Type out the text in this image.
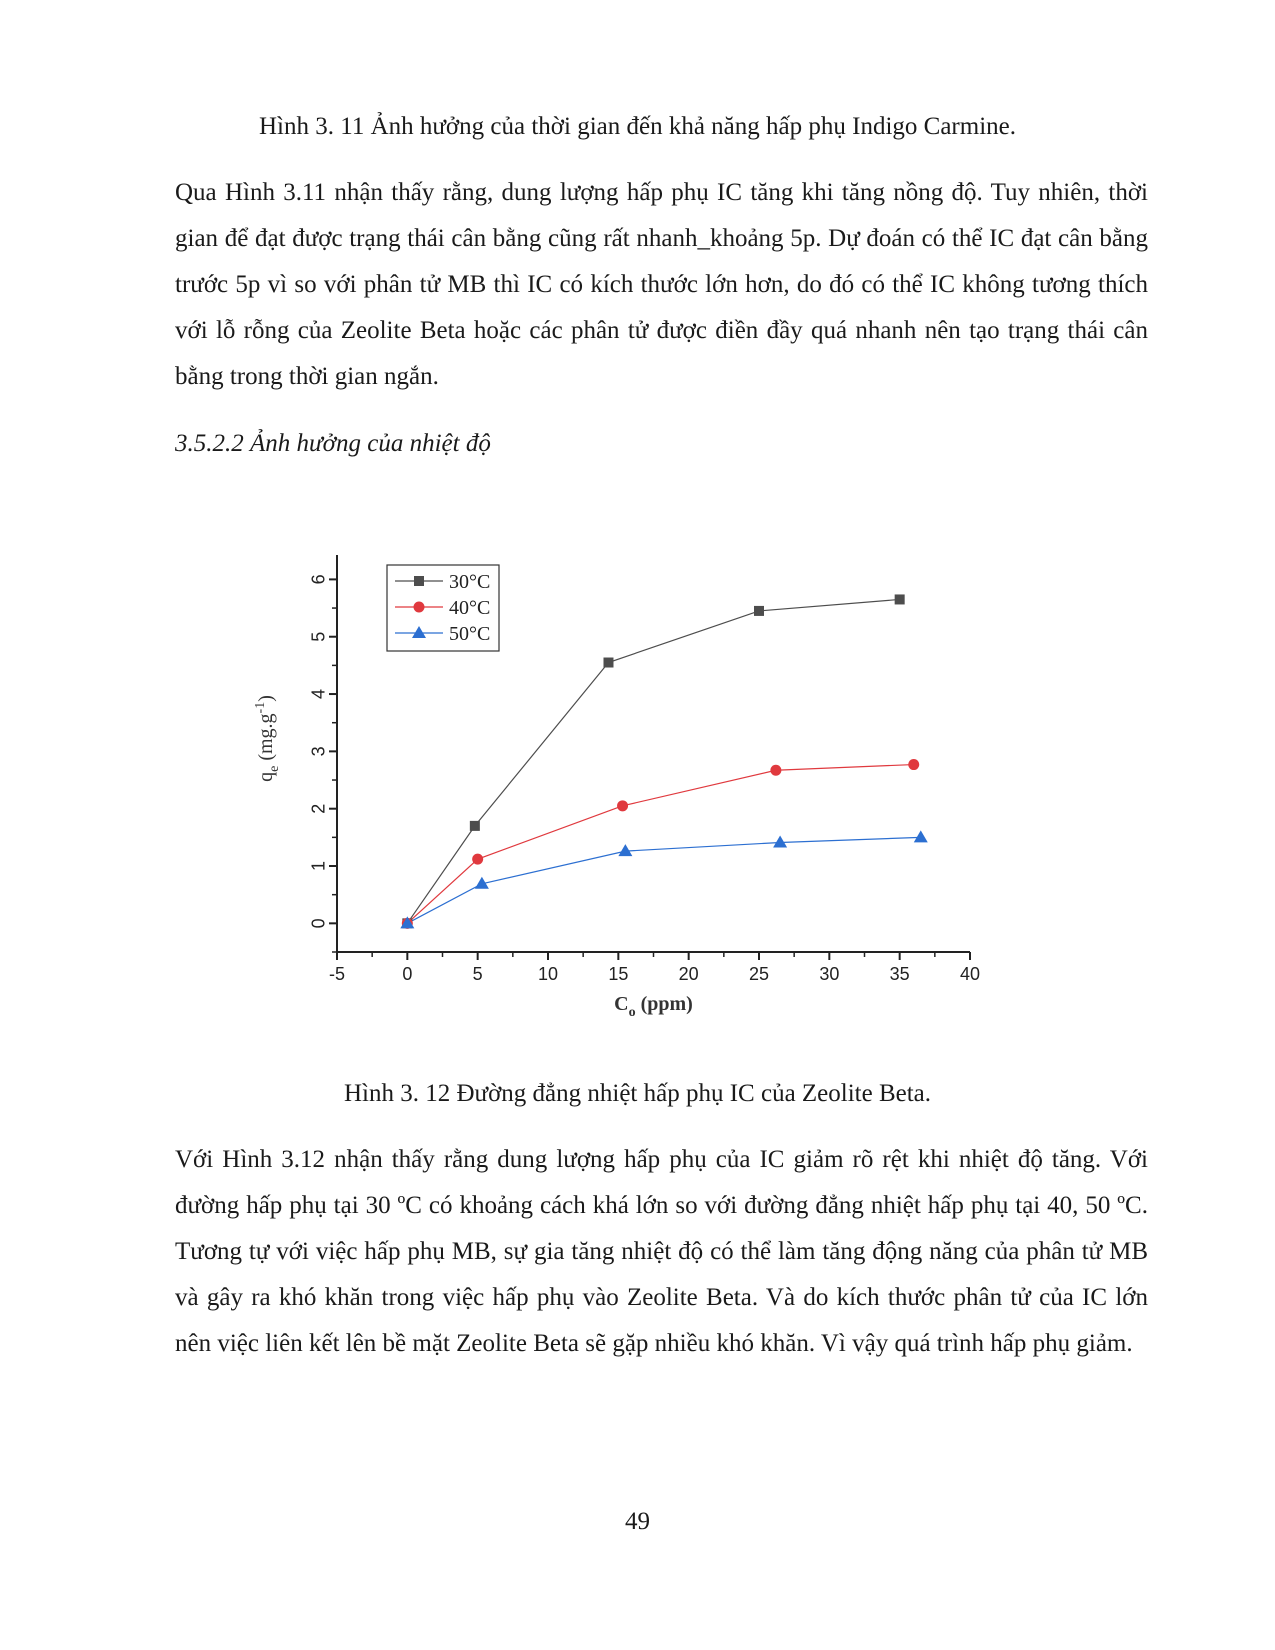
Hình 3. 11 Ảnh hưởng của thời gian đến khả năng hấp phụ Indigo Carmine.

Qua Hình 3.11 nhận thấy rằng, dung lượng hấp phụ IC tăng khi tăng nồng độ. Tuy nhiên, thời gian để đạt được trạng thái cân bằng cũng rất nhanh_khoảng 5p. Dự đoán có thể IC đạt cân bằng trước 5p vì so với phân tử MB thì IC có kích thước lớn hơn, do đó có thể IC không tương thích với lỗ rỗng của Zeolite Beta hoặc các phân tử được điền đầy quá nhanh nên tạo trạng thái cân bằng trong thời gian ngắn.

3.5.2.2 Ảnh hưởng của nhiệt độ
-5	0	5	10	15	20	25	30	35	40
0
1
2
3
4
5
6
$C_o$ (ppm)
$q_e$ $(mg.g^{-1})$
30°C
40°C
50°C

Hình 3. 12 Đường đẳng nhiệt hấp phụ IC của Zeolite Beta.

Với Hình 3.12 nhận thấy rằng dung lượng hấp phụ của IC giảm rõ rệt khi nhiệt độ tăng. Với đường hấp phụ tại 30 ºC có khoảng cách khá lớn so với đường đẳng nhiệt hấp phụ tại 40, 50 ºC. Tương tự với việc hấp phụ MB, sự gia tăng nhiệt độ có thể làm tăng động năng của phân tử MB và gây ra khó khăn trong việc hấp phụ vào Zeolite Beta. Và do kích thước phân tử của IC lớn nên việc liên kết lên bề mặt Zeolite Beta sẽ gặp nhiều khó khăn. Vì vậy quá trình hấp phụ giảm.

49
